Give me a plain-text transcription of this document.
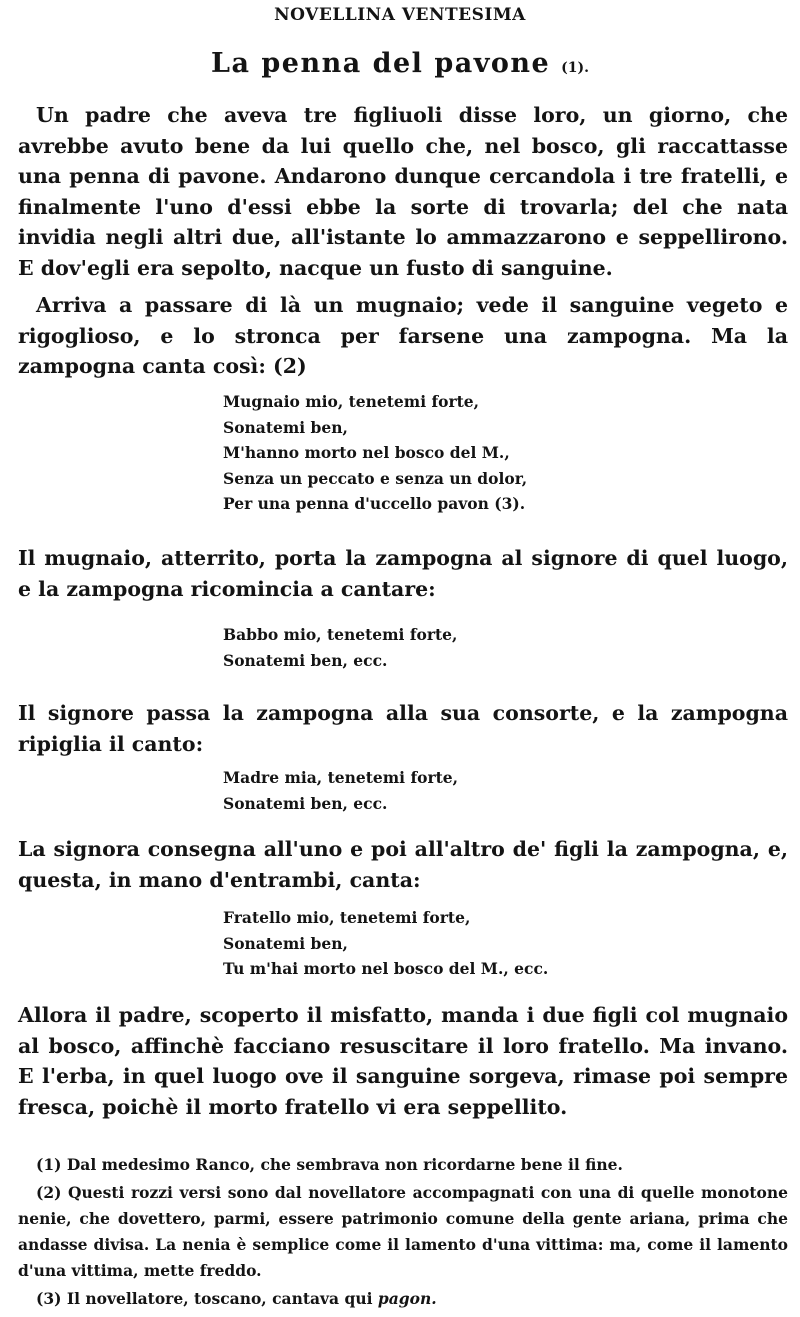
NOVELLINA VENTESIMA
La penna del pavone (1).
Un padre che aveva tre figliuoli disse loro, un giorno, che avrebbe avuto bene da lui quello che, nel bosco, gli raccattasse una penna di pavone. Andarono dunque cercandola i tre fratelli, e finalmente l'uno d'essi ebbe la sorte di trovarla; del che nata invidia negli altri due, all'istante lo ammazzarono e seppellirono. E dov'egli era sepolto, nacque un fusto di sanguine.
Arriva a passare di là un mugnaio; vede il sanguine vegeto e rigoglioso, e lo stronca per farsene una zampogna. Ma la zampogna canta così: (2)
Mugnaio mio, tenetemi forte,
Sonatemi ben,
M'hanno morto nel bosco del M.,
Senza un peccato e senza un dolor,
Per una penna d'uccello pavon (3).
Il mugnaio, atterrito, porta la zampogna al signore di quel luogo, e la zampogna ricomincia a cantare:
Babbo mio, tenetemi forte,
Sonatemi ben, ecc.
Il signore passa la zampogna alla sua consorte, e la zampogna ripiglia il canto:
Madre mia, tenetemi forte,
Sonatemi ben, ecc.
La signora consegna all'uno e poi all'altro de' figli la zampogna, e, questa, in mano d'entrambi, canta:
Fratello mio, tenetemi forte,
Sonatemi ben,
Tu m'hai morto nel bosco del M., ecc.
Allora il padre, scoperto il misfatto, manda i due figli col mugnaio al bosco, affinchè facciano resuscitare il loro fratello. Ma invano. E l'erba, in quel luogo ove il sanguine sorgeva, rimase poi sempre fresca, poichè il morto fratello vi era seppellito.
(1) Dal medesimo Ranco, che sembrava non ricordarne bene il fine.
(2) Questi rozzi versi sono dal novellatore accompagnati con una di quelle monotone nenie, che dovettero, parmi, essere patrimonio comune della gente ariana, prima che andasse divisa. La nenia è semplice come il lamento d'una vittima: ma, come il lamento d'una vittima, mette freddo.
(3) Il novellatore, toscano, cantava qui pagon.
